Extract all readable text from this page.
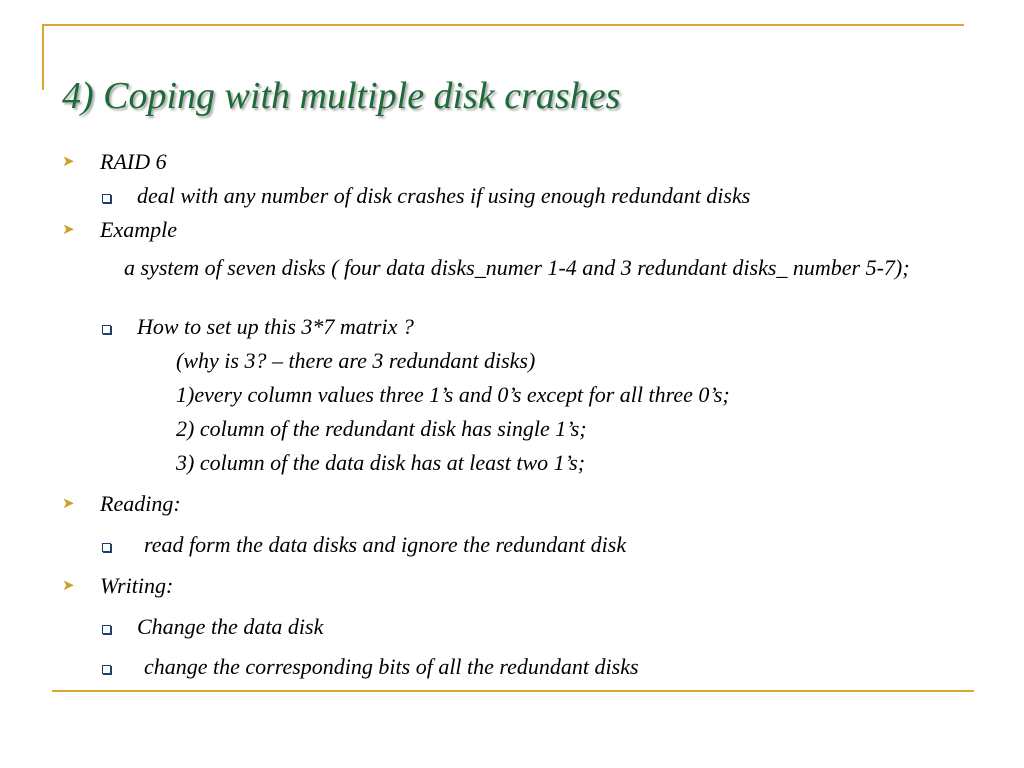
4) Coping with multiple disk crashes
➤ RAID 6
deal with any number of disk crashes if using enough redundant disks
➤ Example
a system of seven disks ( four data disks_numer 1-4 and 3 redundant disks_ number 5-7);
How to set up this 3*7 matrix ?
(why is 3? – there are 3 redundant disks)
1)every column values three 1’s and 0’s except for all three 0’s;
2) column of the redundant disk has single 1’s;
3) column of the data disk has at least two 1’s;
➤ Reading:
read form the data disks and ignore the redundant disk
➤ Writing:
Change the data disk
change the corresponding bits of all the redundant disks
